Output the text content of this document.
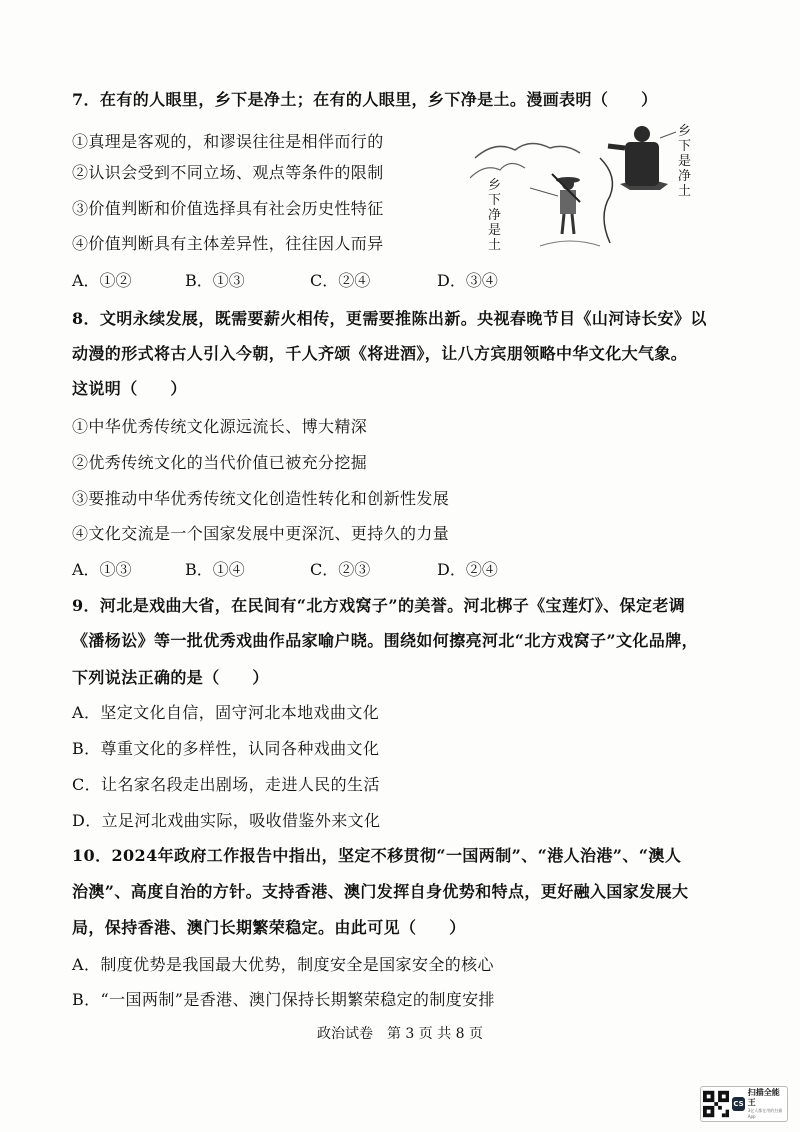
7．在有的人眼里，乡下是净土；在有的人眼里，乡下净是土。漫画表明（　　）

①真理是客观的，和谬误往往是相伴而行的

②认识会受到不同立场、观点等条件的限制

③价值判断和价值选择具有社会历史性特征

④价值判断具有主体差异性，往往因人而异

A．①②	B．①③	C．②④	D．③④
乡下是净土
乡下净是土

8．文明永续发展，既需要薪火相传，更需要推陈出新。央视春晚节目《山河诗长安》以

动漫的形式将古人引入今朝，千人齐颂《将进酒》，让八方宾朋领略中华文化大气象。

这说明（　　）

①中华优秀传统文化源远流长、博大精深

②优秀传统文化的当代价值已被充分挖掘

③要推动中华优秀传统文化创造性转化和创新性发展

④文化交流是一个国家发展中更深沉、更持久的力量

A．①③	B．①④	C．②③	D．②④

9．河北是戏曲大省，在民间有“北方戏窝子”的美誉。河北梆子《宝莲灯》、保定老调

《潘杨讼》等一批优秀戏曲作品家喻户晓。围绕如何擦亮河北“北方戏窝子”文化品牌，

下列说法正确的是（　　）

A．坚定文化自信，固守河北本地戏曲文化

B．尊重文化的多样性，认同各种戏曲文化

C．让名家名段走出剧场，走进人民的生活

D．立足河北戏曲实际，吸收借鉴外来文化

10．2024年政府工作报告中指出，坚定不移贯彻“一国两制”、“港人治港”、“澳人

治澳”、高度自治的方针。支持香港、澳门发挥自身优势和特点，更好融入国家发展大

局，保持香港、澳门长期繁荣稳定。由此可见（　　）

A．制度优势是我国最大优势，制度安全是国家安全的核心

B．“一国两制”是香港、澳门保持长期繁荣稳定的制度安排

政治试卷　第 3 页 共 8 页
CS
扫描全能王
3亿人都在用的扫描App
